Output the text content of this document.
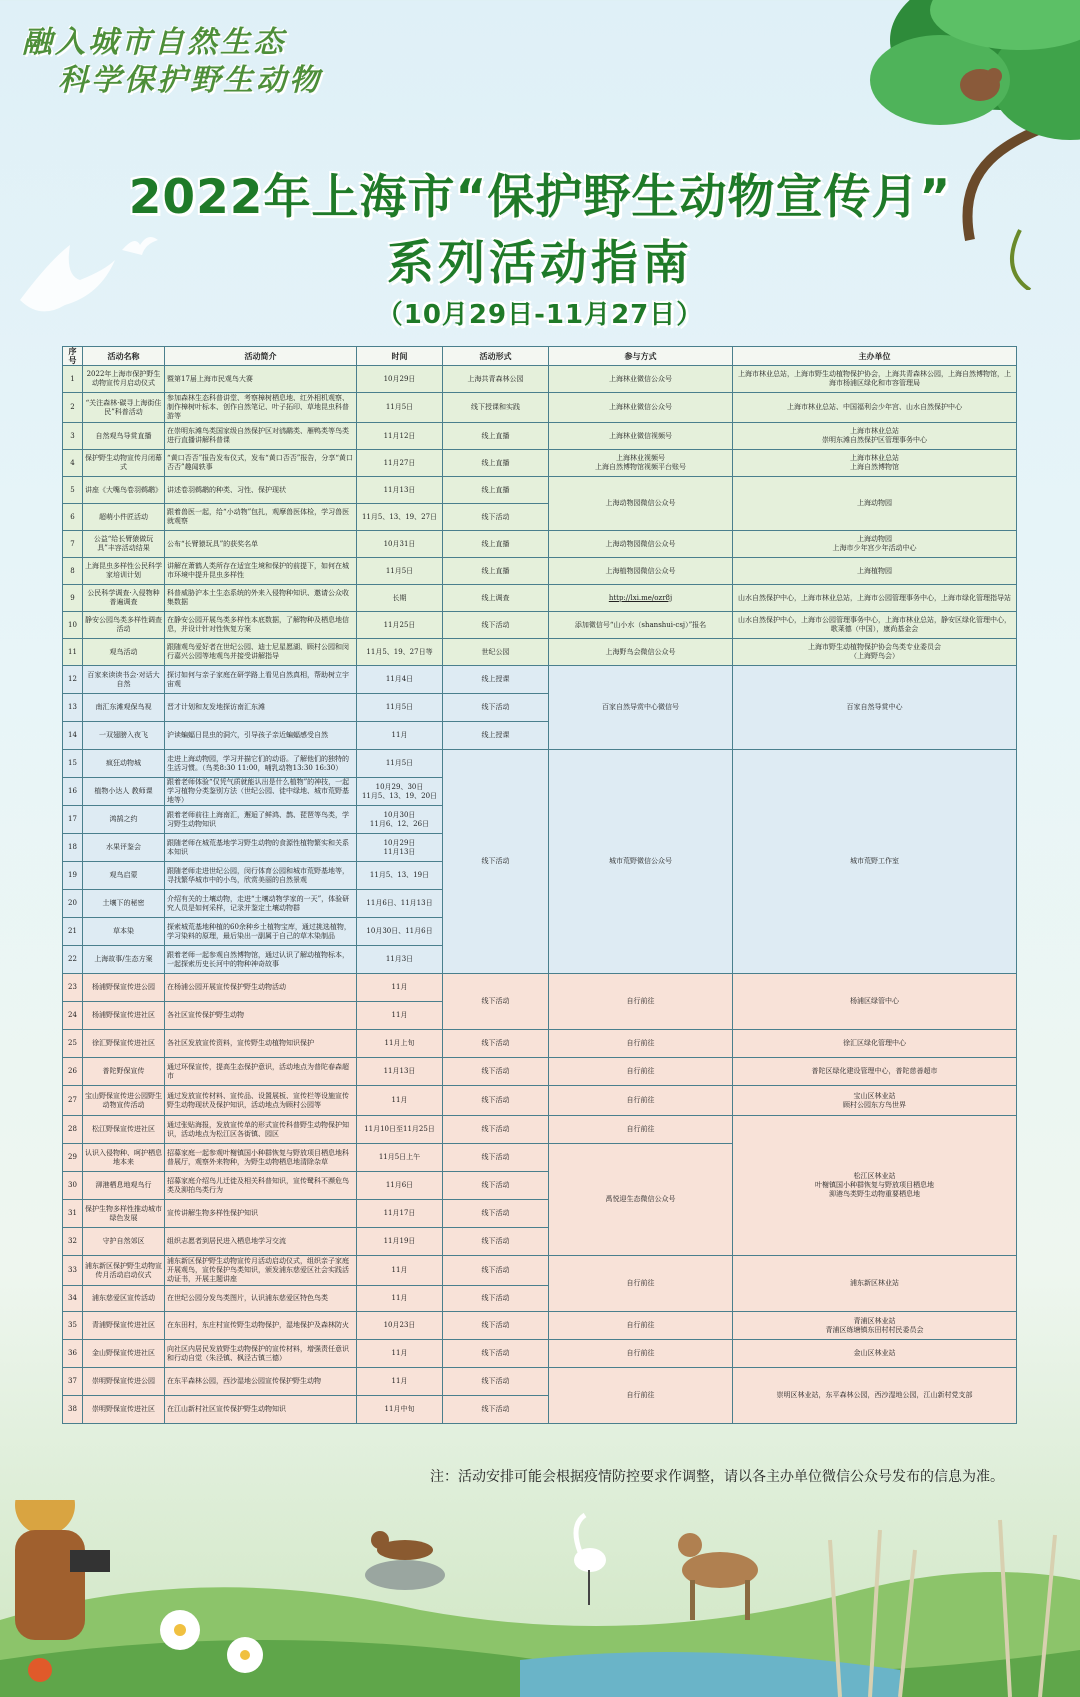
融入城市自然生态
科学保护野生动物
2022年上海市“保护野生动物宣传月”
系列活动指南
（10月29日-11月27日）
序号	活动名称	活动简介	时间	活动形式	参与方式	主办单位
1	2022年上海市保护野生动物宣传月启动仪式	暨第17届上海市民观鸟大赛	10月29日	上海共青森林公园	上海林业微信公众号	上海市林业总站，上海市野生动植物保护协会，上海共青森林公园，上海自然博物馆，上海市杨浦区绿化和市容管理局
2	“关注森林·碳寻上海街住民”科普活动	参加森林生态科普讲堂、考察樟树栖息地、红外相机观察、制作樟树叶标本、创作自然笔记、叶子拓印、草地昆虫科普游等	11月5日	线下授课和实践	上海林业微信公众号	上海市林业总站、中国福利会少年宫、山水自然保护中心
3	自然观鸟导赏直播	在崇明东滩鸟类国家级自然保护区对鸻鹬类、雁鸭类等鸟类进行直播讲解科普课	11月12日	线上直播	上海林业微信视频号	上海市林业总站
崇明东滩自然保护区管理事务中心
4	保护野生动物宣传月闭幕式	“黄口否否”报告发布仪式，发布“黄口否否”报告，分享“黄口否否”趣闻轶事	11月27日	线上直播	上海林业视频号
上海自然博物馆视频平台账号	上海市林业总站
上海自然博物馆
5	讲座《大嘴鸟卷羽鹈鹕》	讲述卷羽鹈鹕的种类、习性、保护现状	11月13日	线上直播	上海动物园微信公众号	上海动物园
6	超萌小件匠活动	跟着兽医一起，给“小动物”包扎，观摩兽医体检，学习兽医就观察	11月5、13、19、27日	线下活动		
7	公益“给长臂猿做玩具”丰容活动结果	公布“长臂猿玩具”的获奖名单	10月31日	线上直播	上海动物园微信公众号	上海动物园
上海市少年宫少年活动中心
8	上海昆虫多样性公民科学家培训计划	讲解在萧鹤人类所存在适宜生境和保护的前提下，如何在城市环境中提升昆虫多样性	11月5日	线上直播	上海植物园微信公众号	上海植物园
9	公民科学调查·入侵物种普遍调查	科普威胁沪本土生态系统的外来入侵物种知识、邀请公众收集数据	长期	线上调查	http://lxi.me/ozr8j	山水自然保护中心，上海市林业总站，上海市公园管理事务中心，上海市绿化管理指导站
10	静安公园鸟类多样性调查活动	在静安公园开展鸟类多样性本底数据，了解物种及栖息地信息，并设计针对性恢复方案	11月25日	线下活动	添加微信号“山小水（shanshui-csj）”报名	山水自然保护中心，上海市公园管理事务中心，上海市林业总站，静安区绿化管理中心，歌莱德（中国），康尚基金会
11	观鸟活动	跟随观鸟爱好者在世纪公园、迪士尼星愿湖、顾村公园和闵行嘉兴公园等地观鸟并接受讲解指导	11月5、19、27日等	世纪公园	上海野鸟会微信公众号	上海市野生动植物保护协会鸟类专业委员会
（上海野鸟会）
12	百家来读读书会·对话大自然	探讨如何与亲子家庭在研学路上看见自然真相，帮助树立宇宙观	11月4日	线上授课	百家自然导赏中心微信号	百家自然导赏中心
13	南汇东滩观保鸟视	晋才计划和友发地探访南汇东滩	11月5日	线下活动		
14	一双翅膀入夜飞	沪读蝙蝠日昆虫的洞穴，引导孩子亲近蝙蝠感受自然	11月	线上授课		
15	疯狂动物城	走进上海动物园，学习并描它们的动语。了解他们的独特的生活习惯。（鸟类8:30 11:00，哺乳动物13:30 16:30）	11月5日	线下活动	城市荒野微信公众号	城市荒野工作室
16	植物小达人 教师课	跟着老师体验“仅凭气质就能认出是什么植物”的神技，一起学习植物分类鉴别方法（世纪公园、徒中绿地、城市荒野基地等）	10月29、30日
11月5、13、19、20日			
17	鸿鹄之约	跟着老师前往上海南汇，邂逅了鲜鸿、鹊、琵琶等鸟类，学习野生动物知识	10月30日
11月6、12、26日			
18	水果评鉴会	跟随老师在城荒基地学习野生动物的食源性植物繁实和关系本知识	10月29日
11月13日			
19	观鸟启蒙	跟随老师走进世纪公园，闵行体育公园和城市荒野基地等，寻找繁华城市中的小鸟，欣赏美丽的自然景观	11月5、13、19日			
20	土壤下的秘密	介绍有关的土壤动物，走进“土壤动物学家的一天”，体验研究人员是如何采样，记录并鉴定土壤动物群	11月6日、11月13日			
21	草本染	探索城荒基地种植的60余种乡土植物宝库，通过挑选植物，学习染料的原理，最后染出一副属于自己的草木染制品	10月30日、11月6日			
22	上海故事/生态方案	跟着老师一起参观自然博物馆，通过认识了解动植物标本，一起探索历史长河中的物种神奇故事	11月3日			
23	杨浦野保宣传进公园	在杨浦公园开展宣传保护野生动物活动	11月	线下活动	自行前往	杨浦区绿管中心
24	杨浦野保宣传进社区	各社区宣传保护野生动物	11月			
25	徐汇野保宣传进社区	各社区发放宣传资料，宣传野生动植物知识保护	11月上旬	线下活动	自行前往	徐汇区绿化管理中心
26	普陀野保宣传	通过环保宣传，提高生态保护意识，活动地点为普陀春森超市	11月13日	线下活动	自行前往	普陀区绿化建设管理中心，普陀慈善超市
27	宝山野保宣传进公园野生动物宣传活动	通过发放宣传材料、宣传品、设置展板、宣传栏等设施宣传野生动物现状及保护知识，活动地点为顾村公园等	11月	线下活动	自行前往	宝山区林业站
顾村公园东方鸟世界
28	松江野保宣传进社区	通过张贴海报，发放宣传单的形式宣传科普野生动物保护知识，活动地点为松江区各街镇、园区	11月10日至11月25日	线下活动	自行前往	松江区林业站
叶榭镇国小种群恢复与野放项目栖息地
泖港鸟类野生动物重要栖息地
29	认识入侵物种、呵护栖息地本来	招募家庭一起参观叶榭镇国小种群恢复与野放项目栖息地科普展厅，观察外来物种，为野生动物栖息地清除杂草	11月5日上午	线下活动	禹悦迎生态微信公众号	
30	泖港栖息地观鸟行	招募家庭介绍鸟儿迁徙及相关科普知识，宣传鹭科不濒危鸟类及泖拍鸟类行为	11月6日	线下活动		
31	保护生物多样性推动城市绿色发展	宣传讲解生物多样性保护知识	11月17日	线下活动		
32	守护自然郊区	组织志愿者到居民进入栖息地学习交流	11月19日	线下活动		
33	浦东新区保护野生动物宣传月活动启动仪式	浦东新区保护野生动物宣传月活动启动仪式，组织亲子家庭开展观鸟，宣传保护鸟类知识，颁发浦东慈爱区社会实践活动证书，开展主题讲座	11月	线下活动	自行前往	浦东新区林业站
34	浦东慈爱区宣传活动	在世纪公园分发鸟类图片，认识浦东慈爱区特色鸟类	11月	线下活动		
35	青浦野保宣传进社区	在东田村，东庄村宣传野生动物保护，湿地保护及森林防火	10月23日	线下活动	自行前往	青浦区林业站
青浦区练塘镇东田村村民委员会
36	金山野保宣传进社区	向社区内居民发放野生动物保护的宣传材料，增强责任意识和行动自觉（朱泾镇、枫泾古镇三德）	11月	线下活动	自行前往	金山区林业站
37	崇明野保宣传进公园	在东平森林公园，西沙湿地公园宣传保护野生动物	11月	线下活动	自行前往	崇明区林业站，东平森林公园，西沙湿地公园，江山新村党支部
38	崇明野保宣传进社区	在江山新村社区宣传保护野生动物知识	11月中旬	线下活动		
注：活动安排可能会根据疫情防控要求作调整，请以各主办单位微信公众号发布的信息为准。
